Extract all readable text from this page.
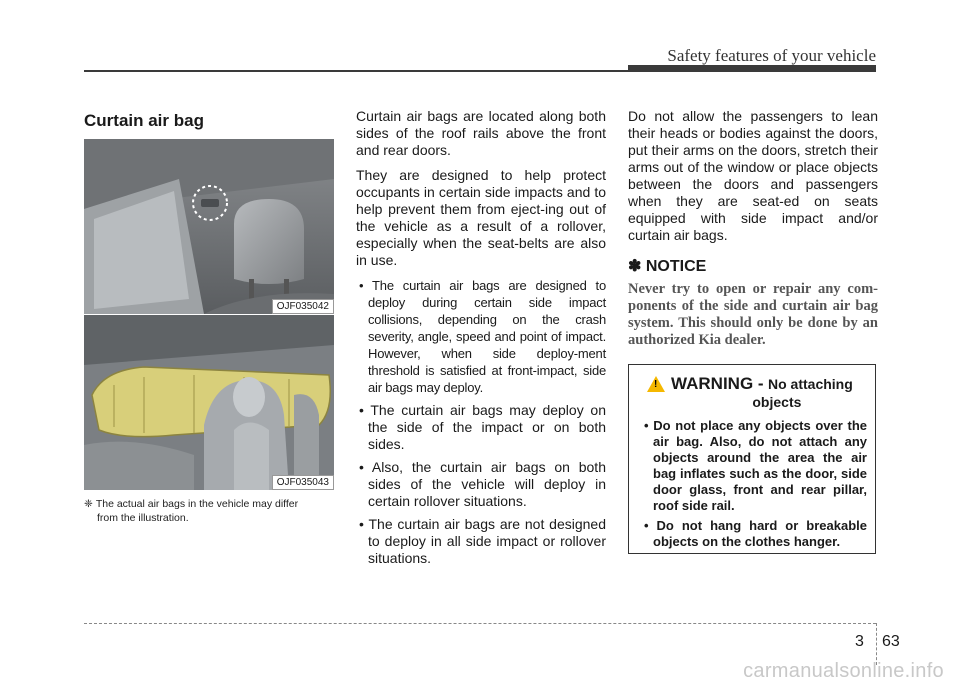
Safety features of your vehicle
Curtain air bag
OJF035042
OJF035043
❈ The actual air bags in the vehicle may differ
from the illustration.

Curtain air bags are located along both sides of the roof rails above the front and rear doors.

They are designed to help protect occupants in certain side impacts and to help prevent them from eject-ing out of the vehicle as a result of a rollover, especially when the seat-belts are also in use.

• The curtain air bags are designed to deploy during certain side impact collisions, depending on the crash severity, angle, speed and point of impact. However, when side deploy-ment threshold is satisfied at front-impact, side air bags may deploy.
• The curtain air bags may deploy on the side of the impact or on both sides.
• Also, the curtain air bags on both sides of the vehicle will deploy in certain rollover situations.
• The curtain air bags are not designed to deploy in all side impact or rollover situations.

Do not allow the passengers to lean their heads or bodies against the doors, put their arms on the doors, stretch their arms out of the window or place objects between the doors and passengers when they are seat-ed on seats equipped with side impact and/or curtain air bags.

✽ NOTICE

Never try to open or repair any com-ponents of the side and curtain air bag system. This should only be done by an authorized Kia dealer.

! WARNING - No attaching
objects
• Do not place any objects over the air bag. Also, do not attach any objects around the area the air bag inflates such as the door, side door glass, front and rear pillar, roof side rail.
• Do not hang hard or breakable objects on the clothes hanger.
3 63
carmanualsonline.info
